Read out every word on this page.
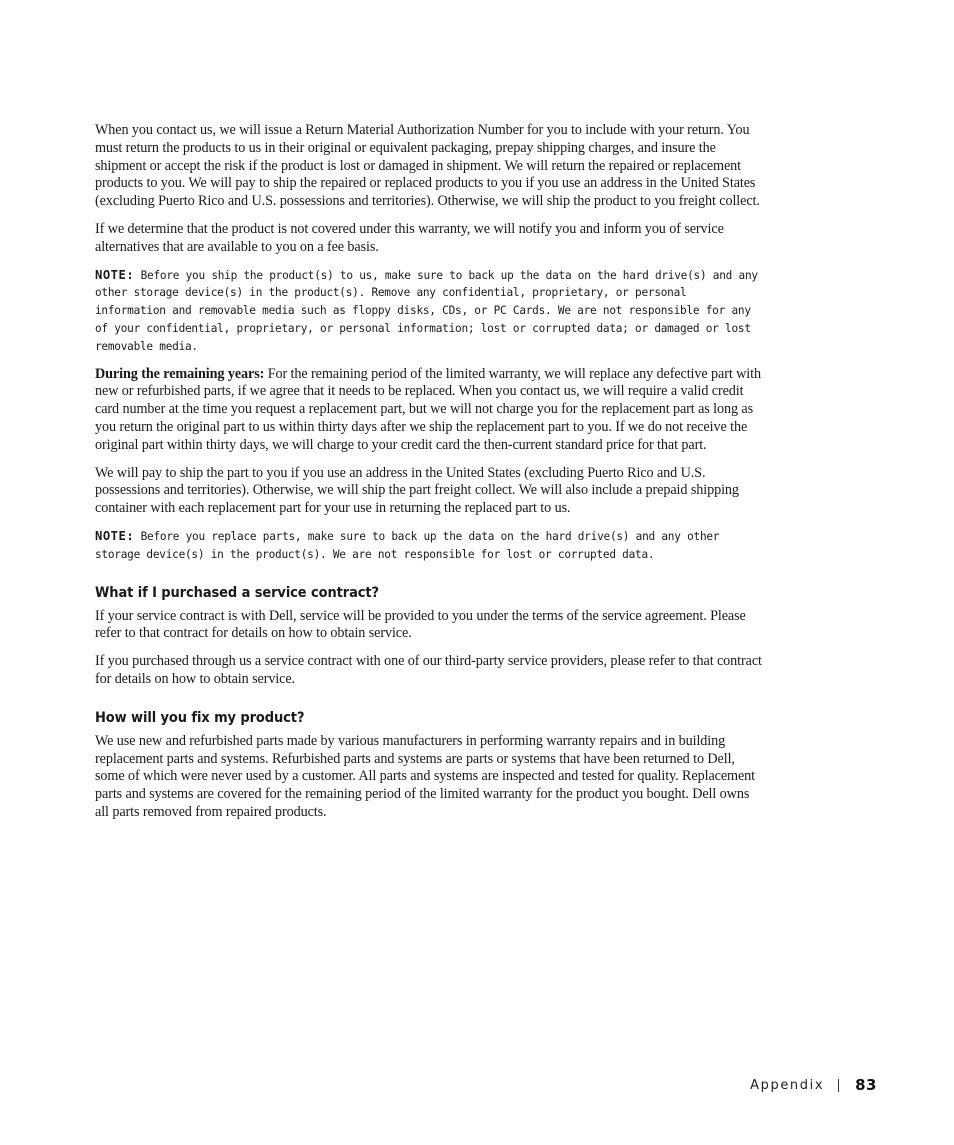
When you contact us, we will issue a Return Material Authorization Number for you to include with your return. You must return the products to us in their original or equivalent packaging, prepay shipping charges, and insure the shipment or accept the risk if the product is lost or damaged in shipment. We will return the repaired or replacement products to you. We will pay to ship the repaired or replaced products to you if you use an address in the United States (excluding Puerto Rico and U.S. possessions and territories). Otherwise, we will ship the product to you freight collect.

If we determine that the product is not covered under this warranty, we will notify you and inform you of service alternatives that are available to you on a fee basis.

NOTE: Before you ship the product(s) to us, make sure to back up the data on the hard drive(s) and any other storage device(s) in the product(s). Remove any confidential, proprietary, or personal information and removable media such as floppy disks, CDs, or PC Cards. We are not responsible for any of your confidential, proprietary, or personal information; lost or corrupted data; or damaged or lost removable media.

During the remaining years: For the remaining period of the limited warranty, we will replace any defective part with new or refurbished parts, if we agree that it needs to be replaced. When you contact us, we will require a valid credit card number at the time you request a replacement part, but we will not charge you for the replacement part as long as you return the original part to us within thirty days after we ship the replacement part to you. If we do not receive the original part within thirty days, we will charge to your credit card the then-current standard price for that part.

We will pay to ship the part to you if you use an address in the United States (excluding Puerto Rico and U.S. possessions and territories). Otherwise, we will ship the part freight collect. We will also include a prepaid shipping container with each replacement part for your use in returning the replaced part to us.

NOTE: Before you replace parts, make sure to back up the data on the hard drive(s) and any other storage device(s) in the product(s). We are not responsible for lost or corrupted data.

What if I purchased a service contract?

If your service contract is with Dell, service will be provided to you under the terms of the service agreement. Please refer to that contract for details on how to obtain service.

If you purchased through us a service contract with one of our third-party service providers, please refer to that contract for details on how to obtain service.

How will you fix my product?

We use new and refurbished parts made by various manufacturers in performing warranty repairs and in building replacement parts and systems. Refurbished parts and systems are parts or systems that have been returned to Dell, some of which were never used by a customer. All parts and systems are inspected and tested for quality. Replacement parts and systems are covered for the remaining period of the limited warranty for the product you bought. Dell owns all parts removed from repaired products.

Appendix 83
